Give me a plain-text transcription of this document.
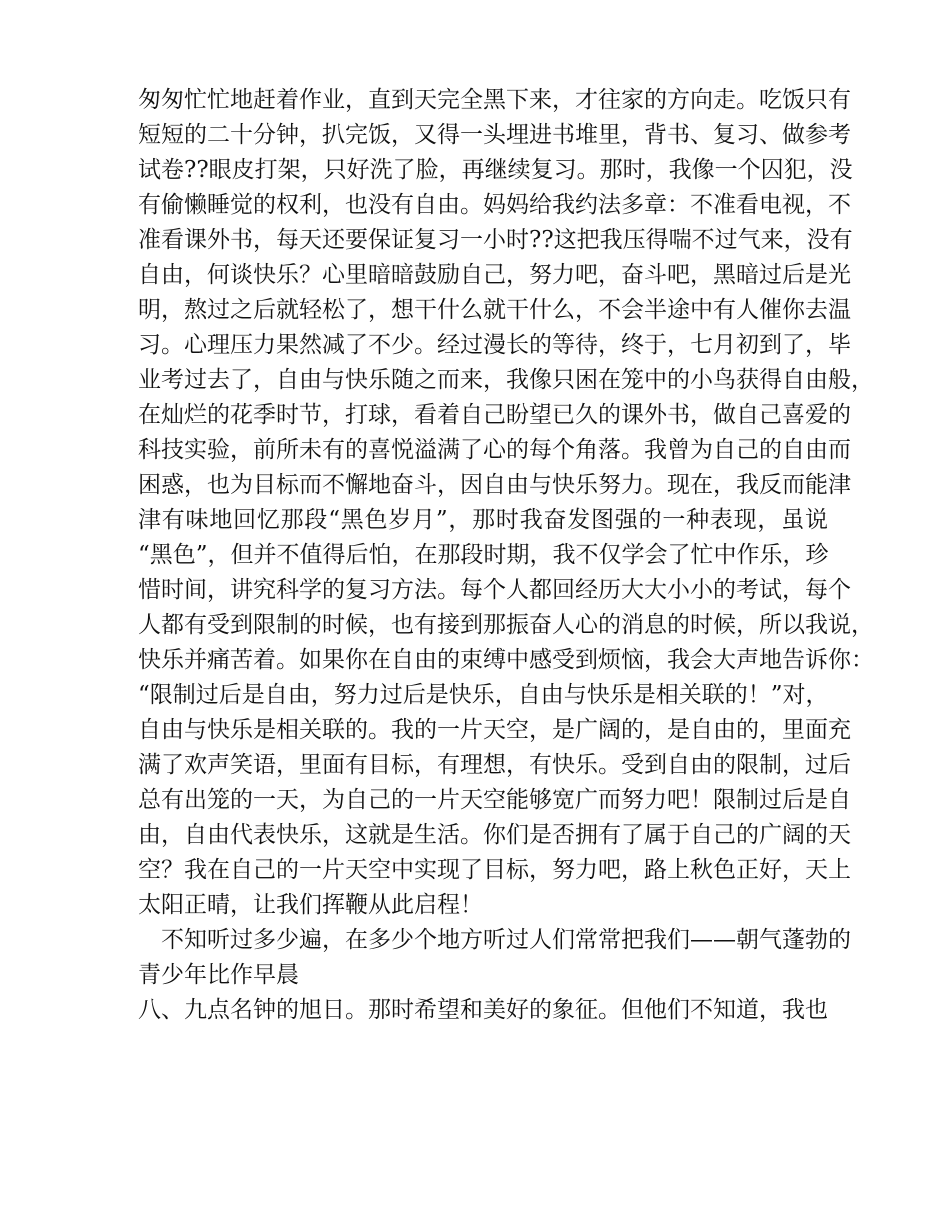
匆匆忙忙地赶着作业，直到天完全黑下来，才往家的方向走。吃饭只有
短短的二十分钟，扒完饭，又得一头埋进书堆里，背书、复习、做参考
试卷??眼皮打架，只好洗了脸，再继续复习。那时，我像一个囚犯，没
有偷懒睡觉的权利，也没有自由。妈妈给我约法多章：不准看电视，不
准看课外书，每天还要保证复习一小时??这把我压得喘不过气来，没有
自由，何谈快乐？心里暗暗鼓励自己，努力吧，奋斗吧，黑暗过后是光
明，熬过之后就轻松了，想干什么就干什么，不会半途中有人催你去温
习。心理压力果然减了不少。经过漫长的等待，终于，七月初到了，毕
业考过去了，自由与快乐随之而来，我像只困在笼中的小鸟获得自由般，
在灿烂的花季时节，打球，看着自己盼望已久的课外书，做自己喜爱的
科技实验，前所未有的喜悦溢满了心的每个角落。我曾为自己的自由而
困惑，也为目标而不懈地奋斗，因自由与快乐努力。现在，我反而能津
津有味地回忆那段“黑色岁月”，那时我奋发图强的一种表现，虽说
“黑色”，但并不值得后怕，在那段时期，我不仅学会了忙中作乐，珍
惜时间，讲究科学的复习方法。每个人都回经历大大小小的考试，每个
人都有受到限制的时候，也有接到那振奋人心的消息的时候，所以我说，
快乐并痛苦着。如果你在自由的束缚中感受到烦恼，我会大声地告诉你：
“限制过后是自由，努力过后是快乐，自由与快乐是相关联的！”对，
自由与快乐是相关联的。我的一片天空，是广阔的，是自由的，里面充
满了欢声笑语，里面有目标，有理想，有快乐。受到自由的限制，过后
总有出笼的一天，为自己的一片天空能够宽广而努力吧！限制过后是自
由，自由代表快乐，这就是生活。你们是否拥有了属于自己的广阔的天
空？我在自己的一片天空中实现了目标，努力吧，路上秋色正好，天上
太阳正晴，让我们挥鞭从此启程！
　不知听过多少遍，在多少个地方听过人们常常把我们——朝气蓬勃的
青少年比作早晨
八、九点名钟的旭日。那时希望和美好的象征。但他们不知道，我也
